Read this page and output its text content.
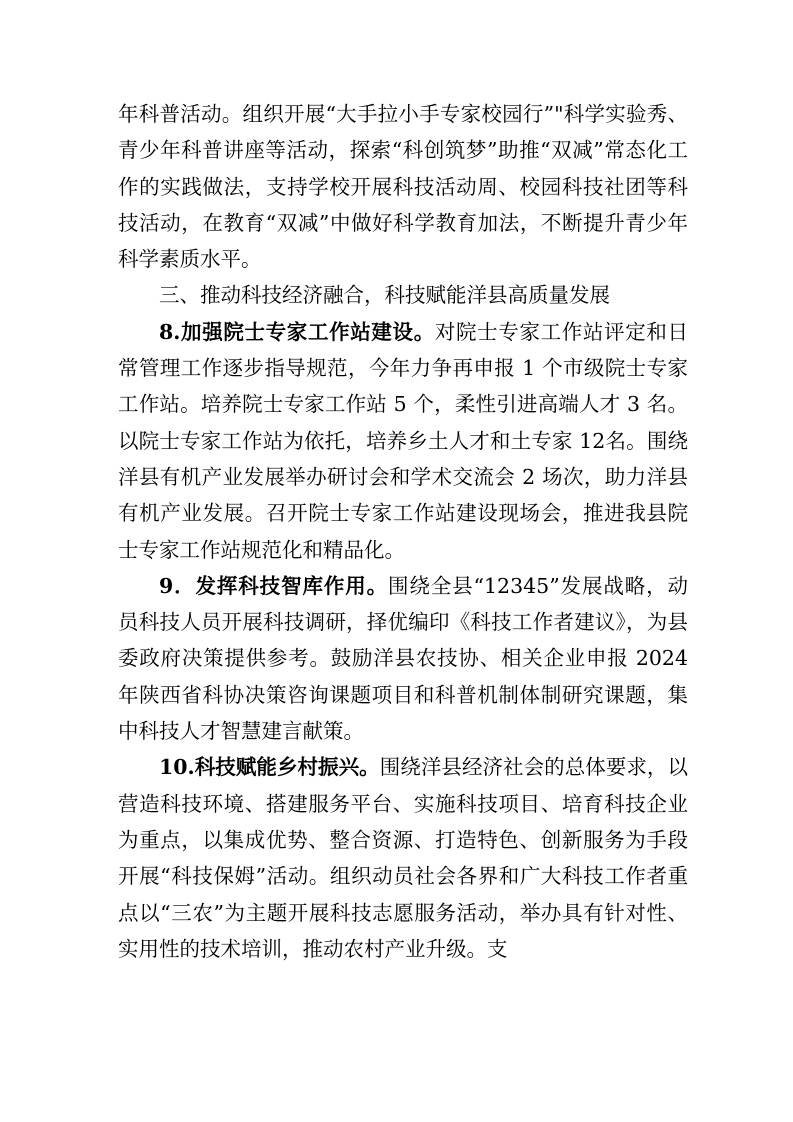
年科普活动。组织开展“大手拉小手专家校园行”"科学实验秀、青少年科普讲座等活动，探索“科创筑梦”助推“双减”常态化工作的实践做法，支持学校开展科技活动周、校园科技社团等科技活动，在教育“双减”中做好科学教育加法，不断提升青少年科学素质水平。

三、推动科技经济融合，科技赋能洋县高质量发展

8.加强院士专家工作站建设。对院士专家工作站评定和日常管理工作逐步指导规范，今年力争再申报 1 个市级院士专家工作站。培养院士专家工作站 5 个，柔性引进高端人才 3 名。以院士专家工作站为依托，培养乡土人才和土专家 12名。围绕洋县有机产业发展举办研讨会和学术交流会 2 场次，助力洋县有机产业发展。召开院士专家工作站建设现场会，推进我县院士专家工作站规范化和精品化。

9．发挥科技智库作用。围绕全县“12345”发展战略，动员科技人员开展科技调研，择优编印《科技工作者建议》，为县委政府决策提供参考。鼓励洋县农技协、相关企业申报 2024 年陕西省科协决策咨询课题项目和科普机制体制研究课题，集中科技人才智慧建言献策。

10.科技赋能乡村振兴。围绕洋县经济社会的总体要求，以营造科技环境、搭建服务平台、实施科技项目、培育科技企业为重点，以集成优势、整合资源、打造特色、创新服务为手段开展“科技保姆”活动。组织动员社会各界和广大科技工作者重点以“三农”为主题开展科技志愿服务活动，举办具有针对性、实用性的技术培训，推动农村产业升级。支
